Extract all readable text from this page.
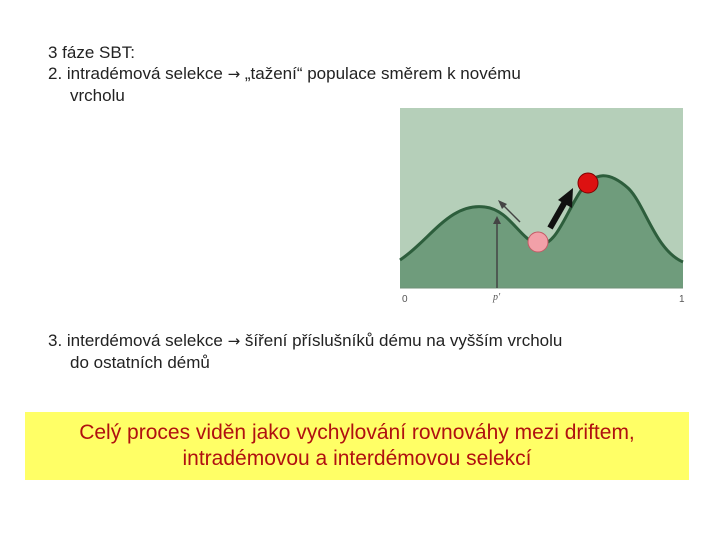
3 fáze SBT:
2. intradémová selekce → „tažení“ populace směrem k novému
vrcholu
0	p'	1
3. interdémová selekce → šíření příslušníků dému na vyšším vrcholu
do ostatních démů
Celý proces viděn jako vychylování rovnováhy mezi driftem,
intradémovou a interdémovou selekcí
